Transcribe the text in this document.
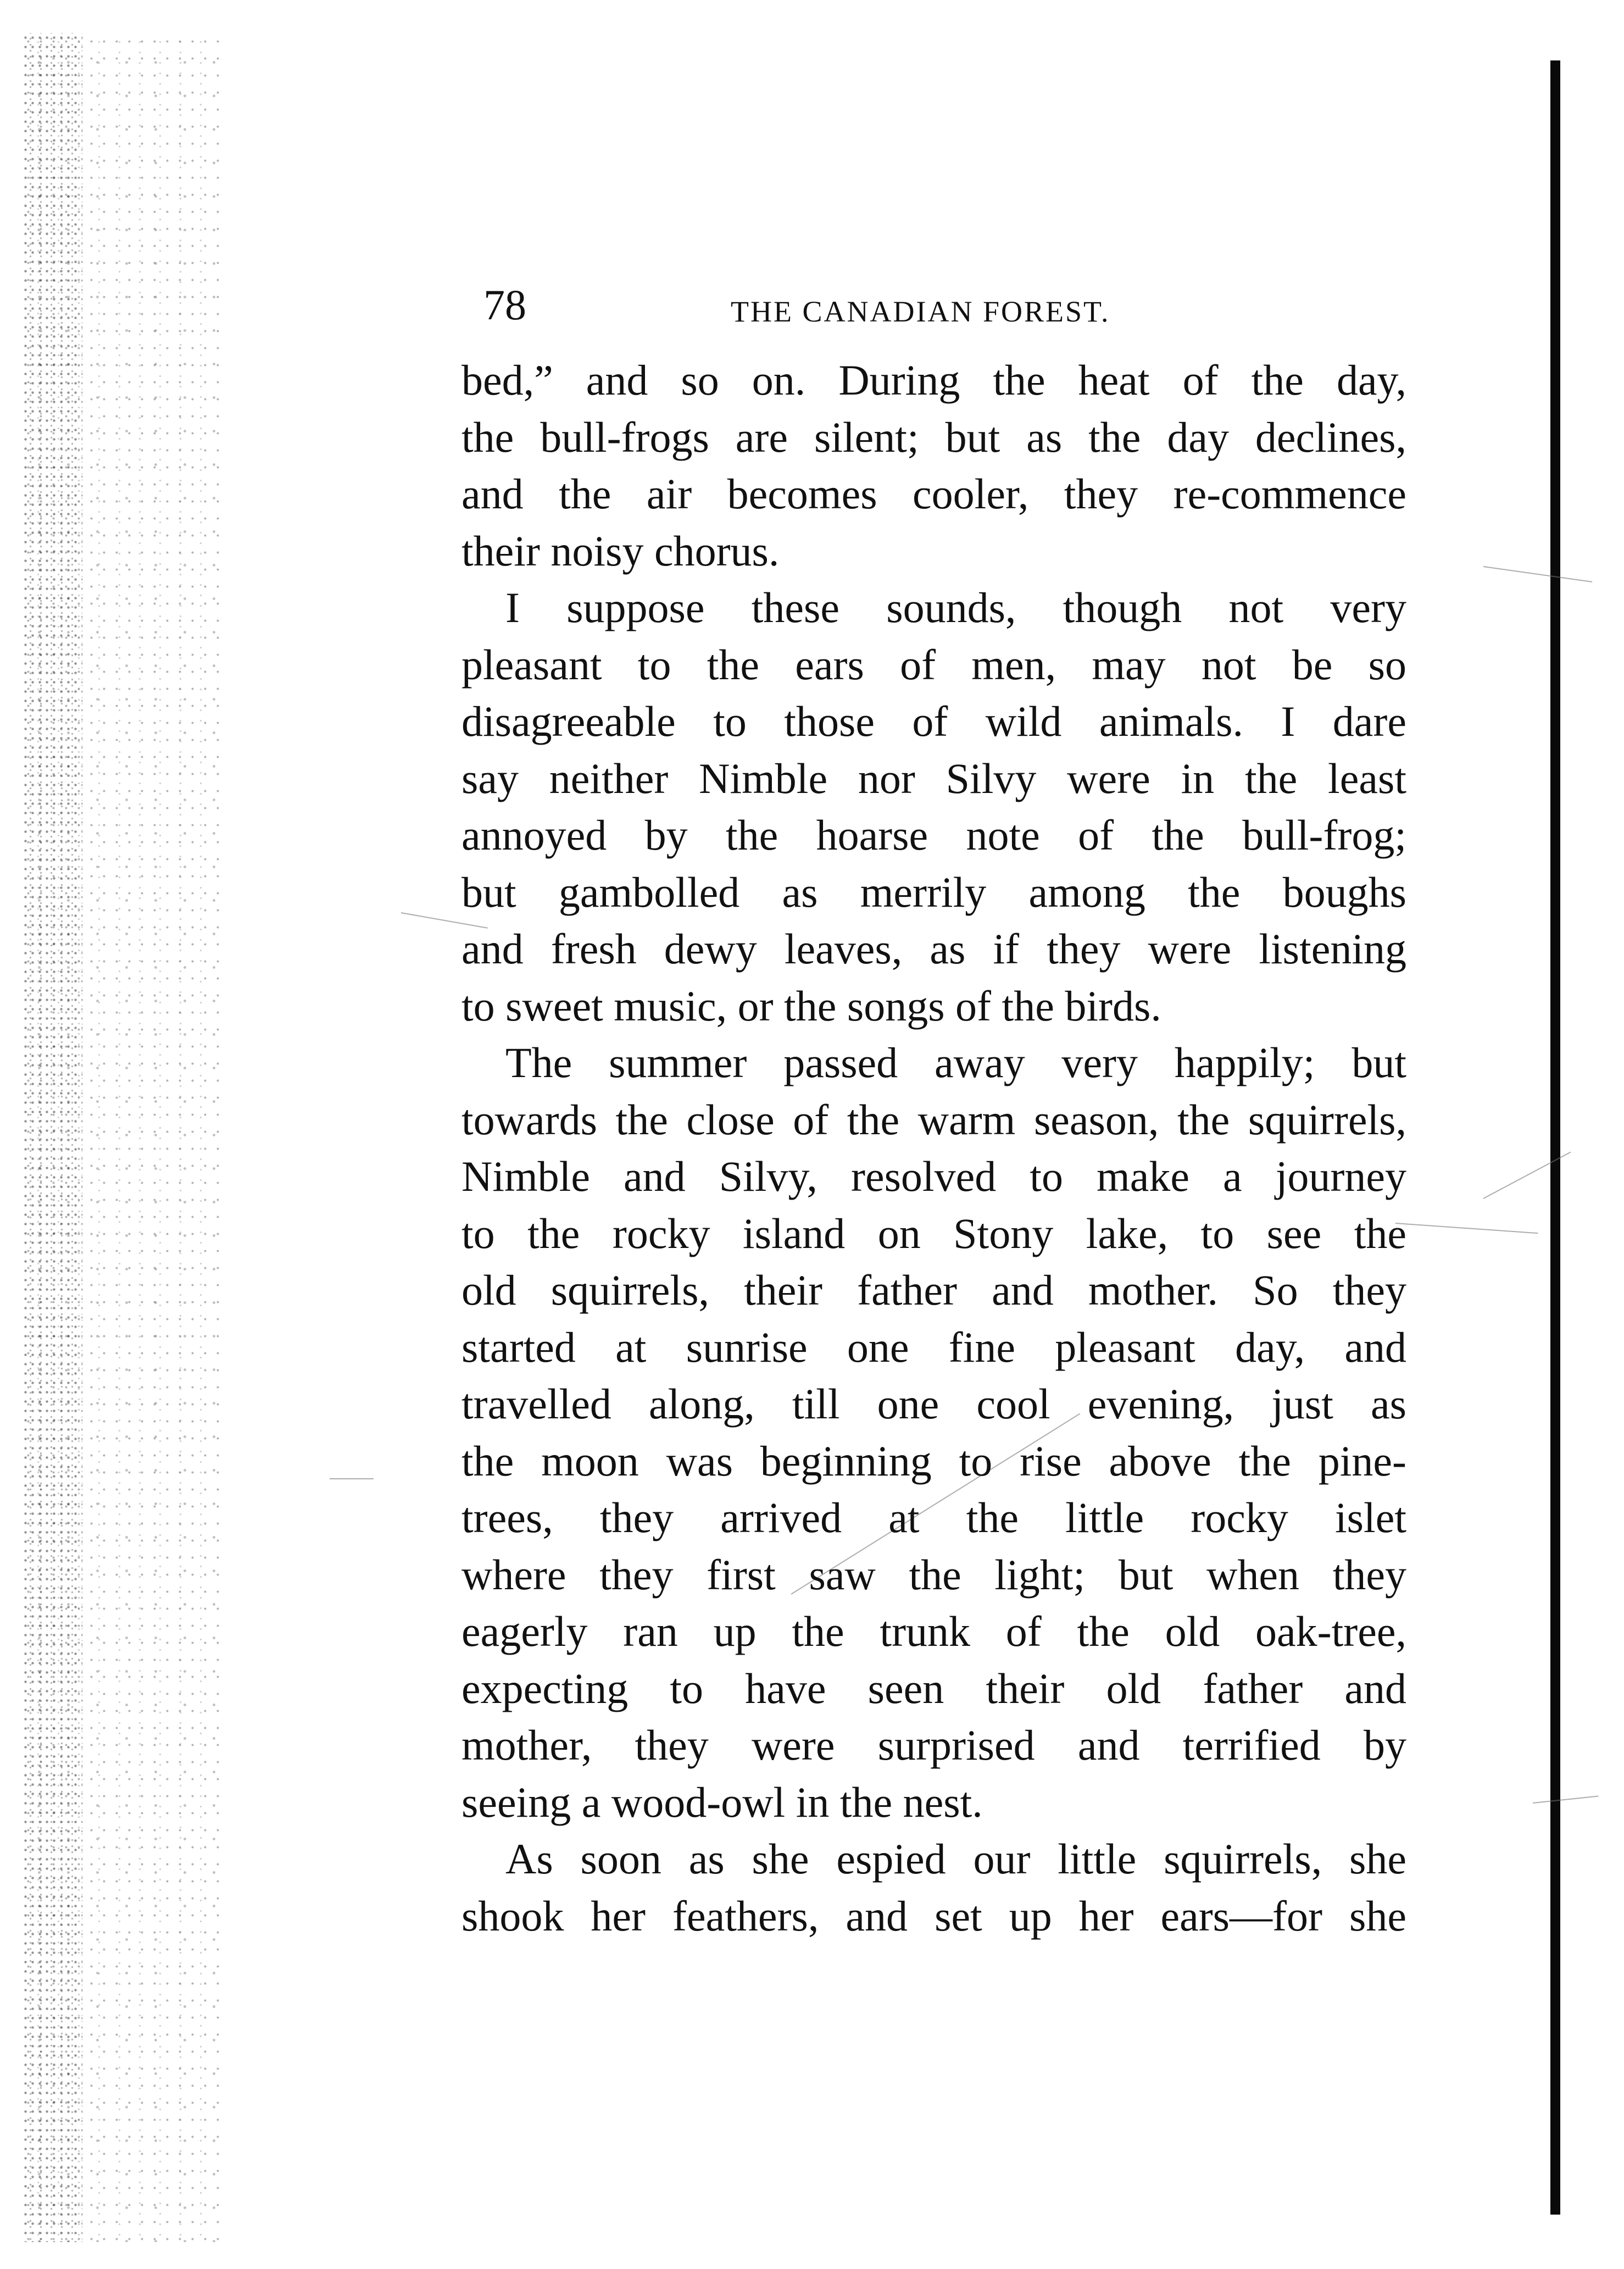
78	THE CANADIAN FOREST.
bed,” and so on. During the heat of the day,
the bull-frogs are silent; but as the day declines,
and the air becomes cooler, they re-commence
their noisy chorus.
I suppose these sounds, though not very
pleasant to the ears of men, may not be so
disagreeable to those of wild animals. I dare
say neither Nimble nor Silvy were in the least
annoyed by the hoarse note of the bull-frog;
but gambolled as merrily among the boughs
and fresh dewy leaves, as if they were listening
to sweet music, or the songs of the birds.
The summer passed away very happily; but
towards the close of the warm season, the squirrels,
Nimble and Silvy, resolved to make a journey
to the rocky island on Stony lake, to see the
old squirrels, their father and mother. So they
started at sunrise one fine pleasant day, and
travelled along, till one cool evening, just as
the moon was beginning to rise above the pine-
trees, they arrived at the little rocky islet
where they first saw the light; but when they
eagerly ran up the trunk of the old oak-tree,
expecting to have seen their old father and
mother, they were surprised and terrified by
seeing a wood-owl in the nest.
As soon as she espied our little squirrels, she
shook her feathers, and set up her ears—for she
